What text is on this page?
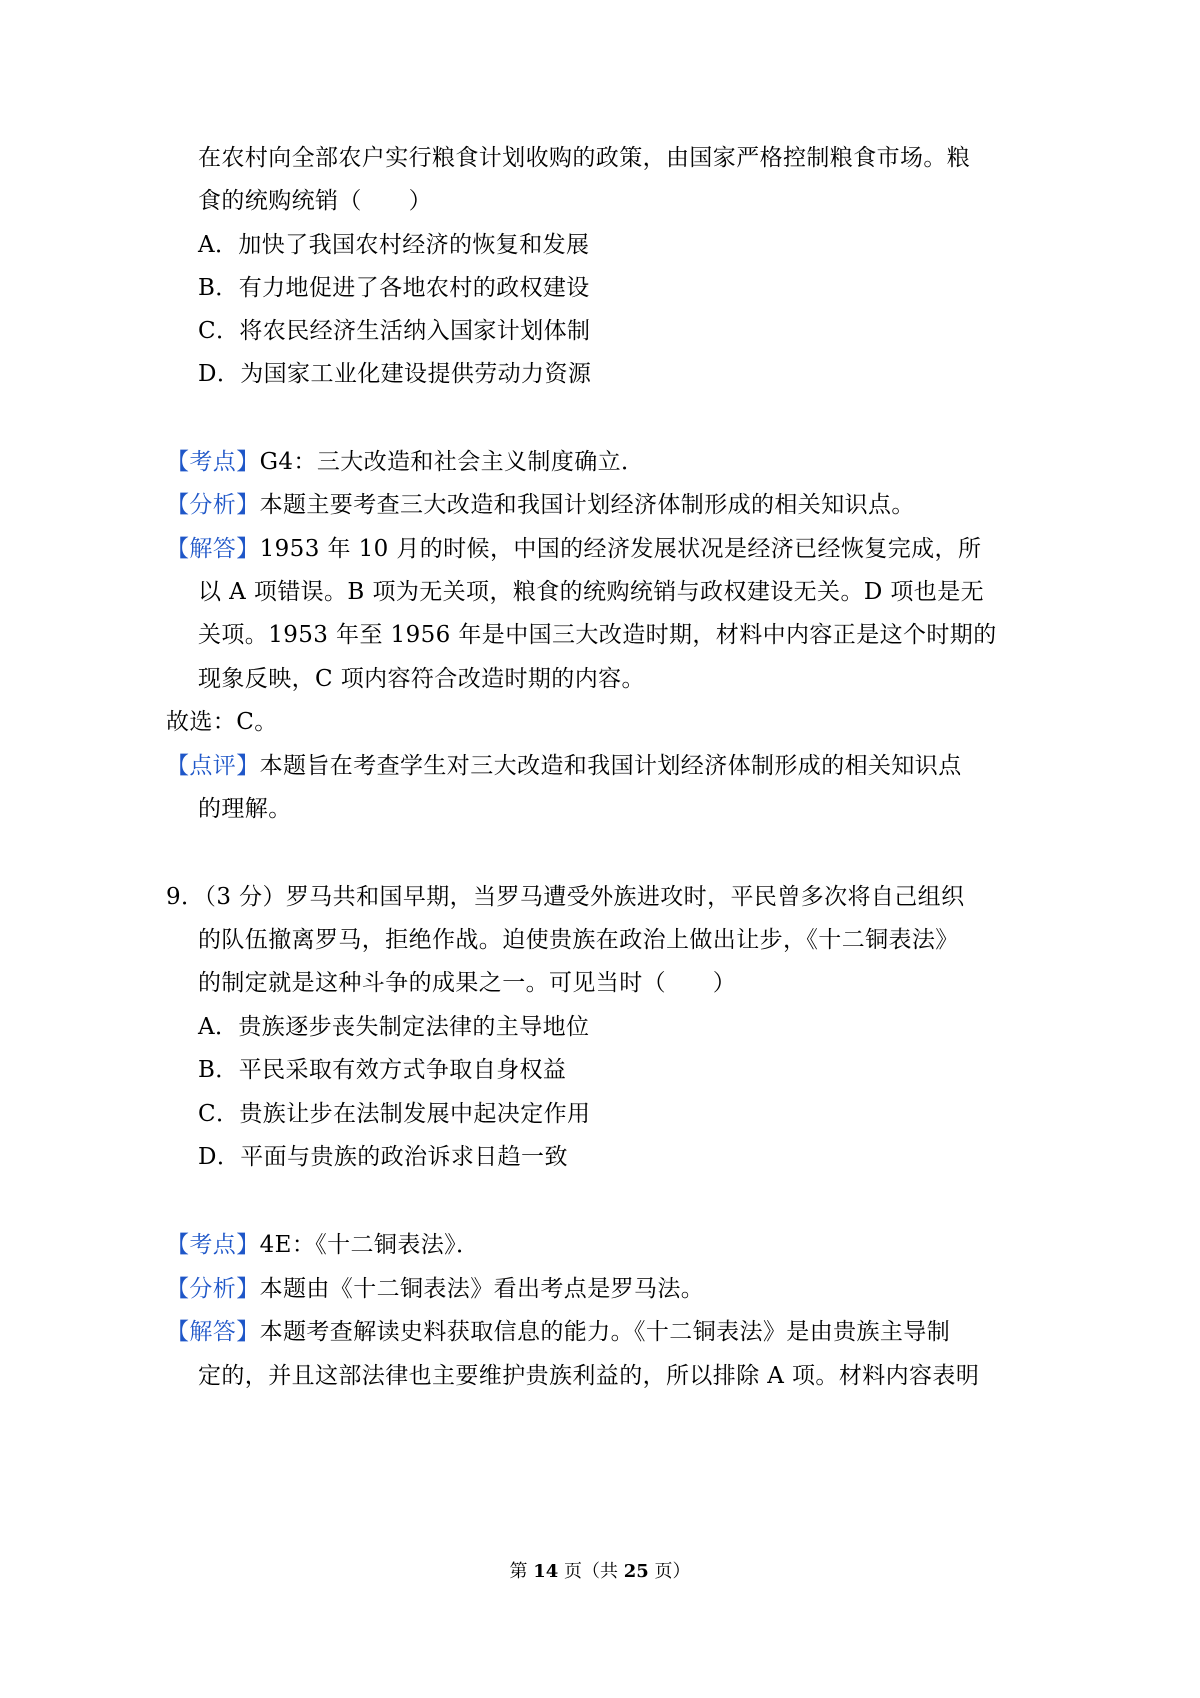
在农村向全部农户实行粮食计划收购的政策，由国家严格控制粮食市场。粮
食的统购统销（　　）
A．加快了我国农村经济的恢复和发展
B．有力地促进了各地农村的政权建设
C．将农民经济生活纳入国家计划体制
D．为国家工业化建设提供劳动力资源
【考点】G4：三大改造和社会主义制度确立．
【分析】本题主要考查三大改造和我国计划经济体制形成的相关知识点。
【解答】1953 年 10 月的时候，中国的经济发展状况是经济已经恢复完成，所
以 A 项错误。B 项为无关项，粮食的统购统销与政权建设无关。D 项也是无
关项。1953 年至 1956 年是中国三大改造时期，材料中内容正是这个时期的
现象反映，C 项内容符合改造时期的内容。
故选：C。
【点评】本题旨在考查学生对三大改造和我国计划经济体制形成的相关知识点
的理解。
9．（3 分）罗马共和国早期，当罗马遭受外族进攻时，平民曾多次将自己组织
的队伍撤离罗马，拒绝作战。迫使贵族在政治上做出让步，《十二铜表法》
的制定就是这种斗争的成果之一。可见当时（　　）
A．贵族逐步丧失制定法律的主导地位
B．平民采取有效方式争取自身权益
C．贵族让步在法制发展中起决定作用
D．平面与贵族的政治诉求日趋一致
【考点】4E：《十二铜表法》．
【分析】本题由《十二铜表法》看出考点是罗马法。
【解答】本题考查解读史料获取信息的能力。《十二铜表法》是由贵族主导制
定的，并且这部法律也主要维护贵族利益的，所以排除 A 项。材料内容表明
第 14 页（共 25 页）
